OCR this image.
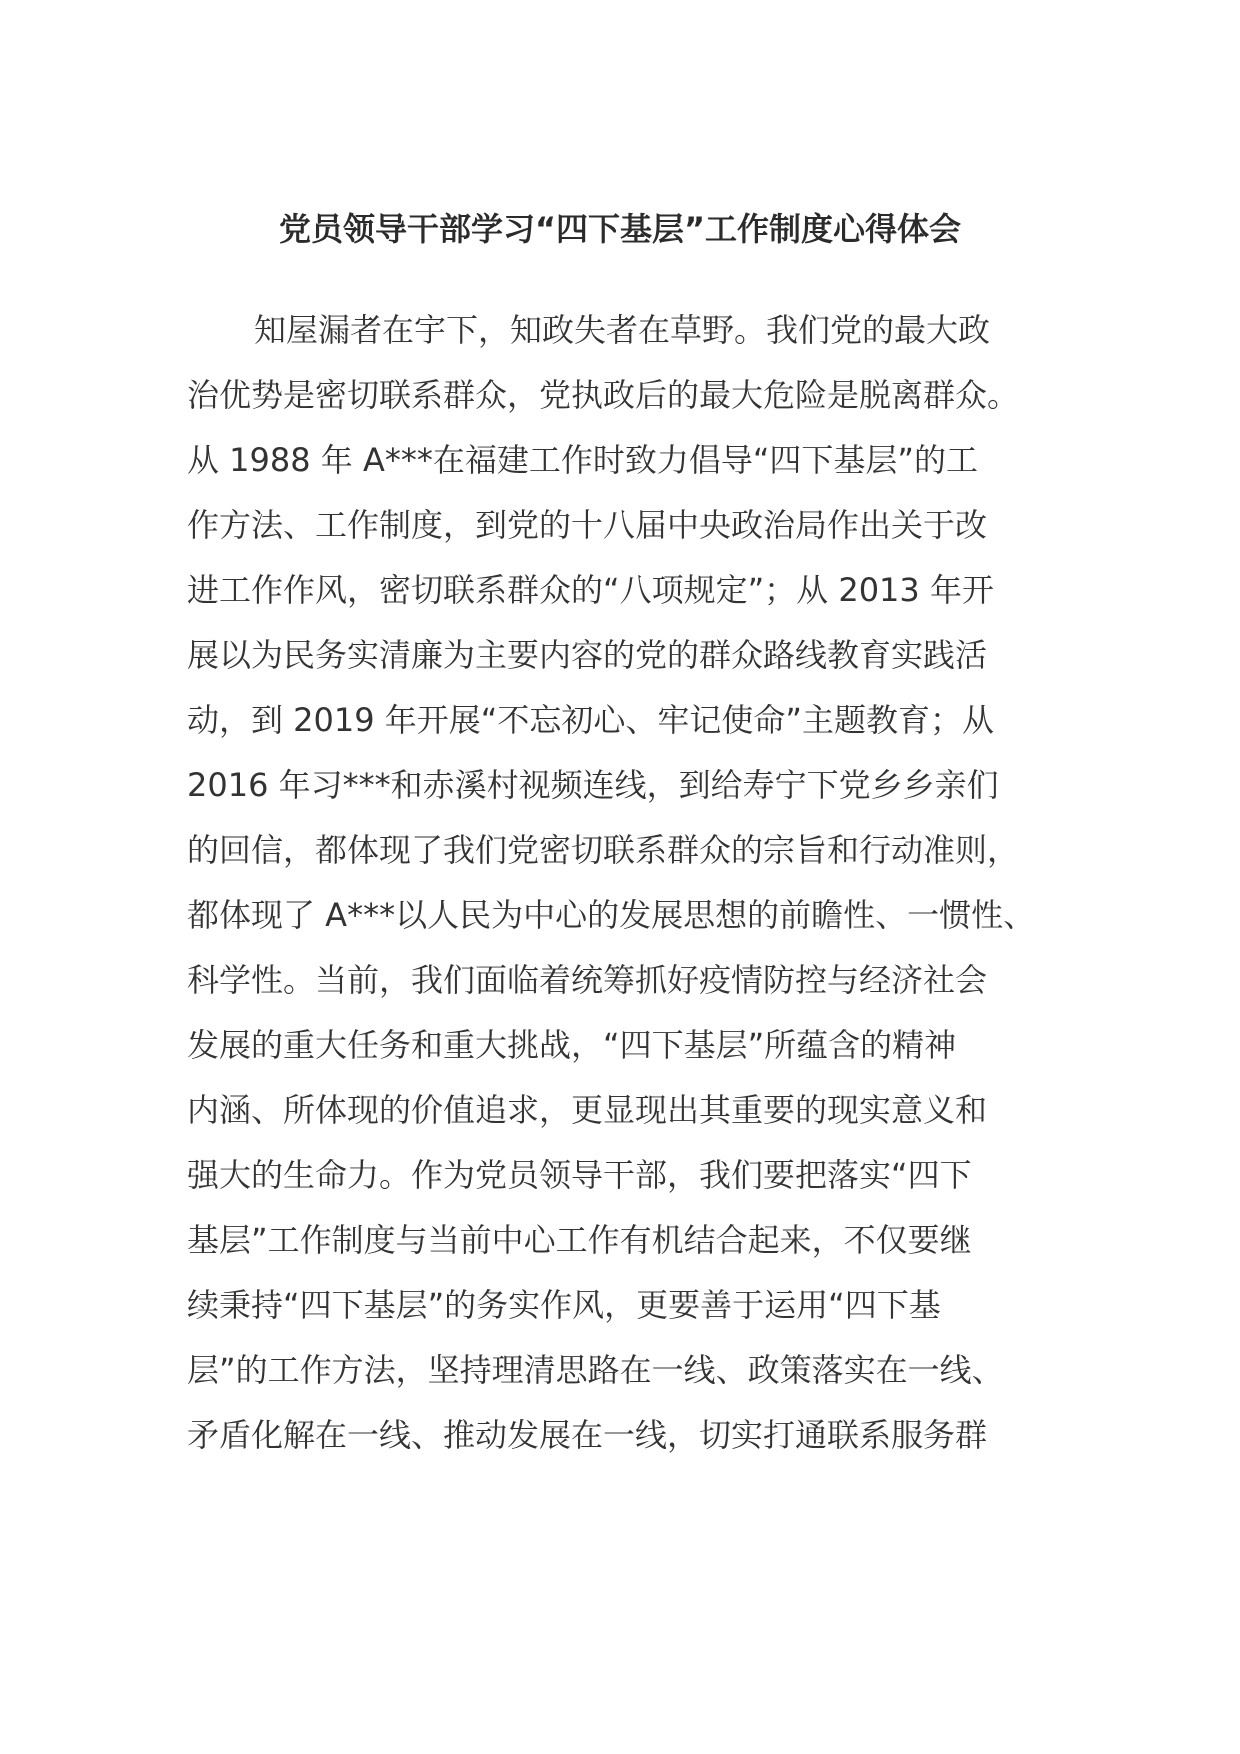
党员领导干部学习“四下基层”工作制度心得体会
知屋漏者在宇下，知政失者在草野。我们党的最大政
治优势是密切联系群众，党执政后的最大危险是脱离群众。
从 1988 年 A***在福建工作时致力倡导“四下基层”的工
作方法、工作制度，到党的十八届中央政治局作出关于改
进工作作风，密切联系群众的“八项规定”；从 2013 年开
展以为民务实清廉为主要内容的党的群众路线教育实践活
动，到 2019 年开展“不忘初心、牢记使命”主题教育；从
2016 年习***和赤溪村视频连线，到给寿宁下党乡乡亲们
的回信，都体现了我们党密切联系群众的宗旨和行动准则，
都体现了 A***以人民为中心的发展思想的前瞻性、一惯性、
科学性。当前，我们面临着统筹抓好疫情防控与经济社会
发展的重大任务和重大挑战，“四下基层”所蕴含的精神
内涵、所体现的价值追求，更显现出其重要的现实意义和
强大的生命力。作为党员领导干部，我们要把落实“四下
基层”工作制度与当前中心工作有机结合起来，不仅要继
续秉持“四下基层”的务实作风，更要善于运用“四下基
层”的工作方法，坚持理清思路在一线、政策落实在一线、
矛盾化解在一线、推动发展在一线，切实打通联系服务群
